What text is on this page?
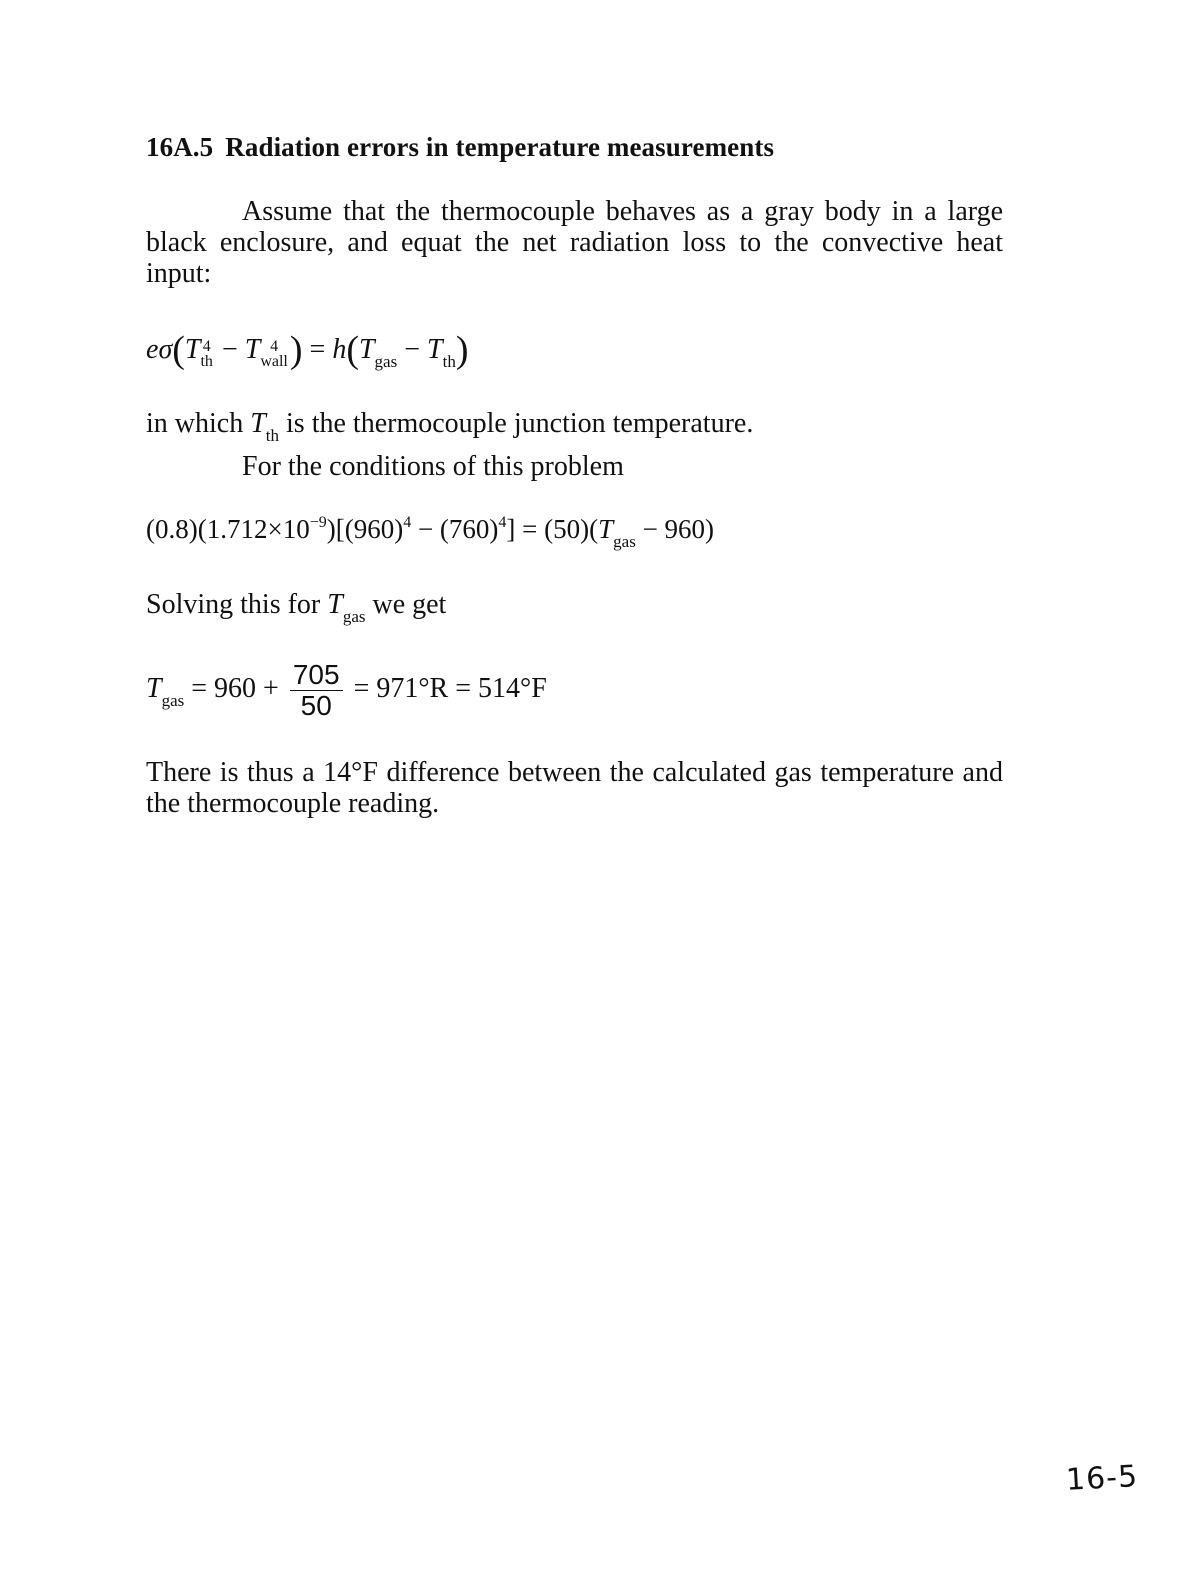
16A.5 Radiation errors in temperature measurements
Assume that the thermocouple behaves as a gray body in a large black enclosure, and equat the net radiation loss to the convective heat input:
eσ(T 4
th − T 4
wall ) = $h(T_{gas} - T_{th})$
in which $T_{th}$ is the thermocouple junction temperature.
For the conditions of this problem
$(0.8)(1.712\times 10^{-9})[(960)^4 - (760)^4] = (50)(T_{gas} - 960)$
Solving this for $T_{gas}$ we get
$T_{gas} = 960 + \frac{705}{50} = 971^\circ R = 514^\circ F$
There is thus a 14°F difference between the calculated gas temperature and the thermocouple reading.
16-5
